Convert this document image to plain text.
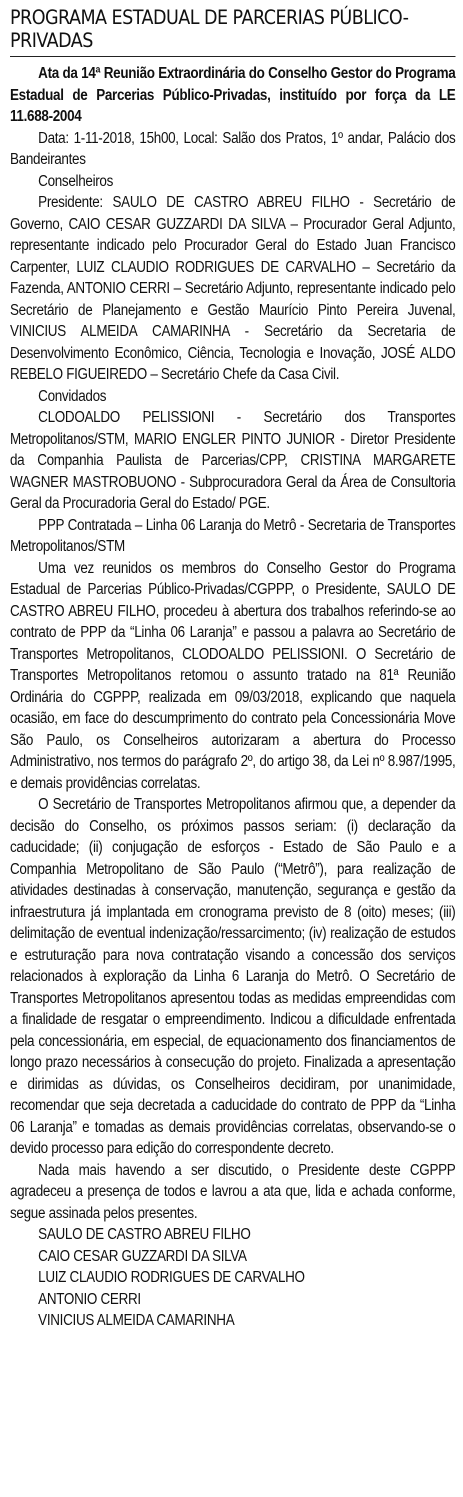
PROGRAMA ESTADUAL DE PARCERIAS PÚBLICO-PRIVADAS

Ata da 14ª Reunião Extraordinária do Conselho Gestor do Programa Estadual de Parcerias Público-Privadas, instituído por força da LE 11.688-2004

Data: 1-11-2018, 15h00, Local: Salão dos Pratos, 1º andar, Palácio dos Bandeirantes

Conselheiros

Presidente: SAULO DE CASTRO ABREU FILHO - Secretário de Governo, CAIO CESAR GUZZARDI DA SILVA – Procurador Geral Adjunto, representante indicado pelo Procurador Geral do Estado Juan Francisco Carpenter, LUIZ CLAUDIO RODRIGUES DE CARVALHO – Secretário da Fazenda, ANTONIO CERRI – Secretário Adjunto, representante indicado pelo Secretário de Planejamento e Gestão Maurício Pinto Pereira Juvenal, VINICIUS ALMEIDA CAMARINHA - Secretário da Secretaria de Desenvolvimento Econômico, Ciência, Tecnologia e Inovação, JOSÉ ALDO REBELO FIGUEIREDO – Secretário Chefe da Casa Civil.

Convidados

CLODOALDO PELISSIONI - Secretário dos Transportes Metropolitanos/STM, MARIO ENGLER PINTO JUNIOR - Diretor Presidente da Companhia Paulista de Parcerias/CPP, CRISTINA MARGARETE WAGNER MASTROBUONO - Subprocuradora Geral da Área de Consultoria Geral da Procuradoria Geral do Estado/ PGE.

PPP Contratada – Linha 06 Laranja do Metrô - Secretaria de Transportes Metropolitanos/STM

Uma vez reunidos os membros do Conselho Gestor do Programa Estadual de Parcerias Público-Privadas/CGPPP, o Presidente, SAULO DE CASTRO ABREU FILHO, procedeu à abertura dos trabalhos referindo-se ao contrato de PPP da “Linha 06 Laranja” e passou a palavra ao Secretário de Transportes Metropolitanos, CLODOALDO PELISSIONI. O Secretário de Transportes Metropolitanos retomou o assunto tratado na 81ª Reunião Ordinária do CGPPP, realizada em 09/03/2018, explicando que naquela ocasião, em face do descumprimento do contrato pela Concessionária Move São Paulo, os Conselheiros autorizaram a abertura do Processo Administrativo, nos termos do parágrafo 2º, do artigo 38, da Lei nº 8.987/1995, e demais providências correlatas.

O Secretário de Transportes Metropolitanos afirmou que, a depender da decisão do Conselho, os próximos passos seriam: (i) declaração da caducidade; (ii) conjugação de esforços - Estado de São Paulo e a Companhia Metropolitano de São Paulo (“Metrô”), para realização de atividades destinadas à conservação, manutenção, segurança e gestão da infraestrutura já implantada em cronograma previsto de 8 (oito) meses; (iii) delimitação de eventual indenização/ressarcimento; (iv) realização de estudos e estruturação para nova contratação visando a concessão dos serviços relacionados à exploração da Linha 6 Laranja do Metrô. O Secretário de Transportes Metropolitanos apresentou todas as medidas empreendidas com a finalidade de resgatar o empreendimento. Indicou a dificuldade enfrentada pela concessionária, em especial, de equacionamento dos financiamentos de longo prazo necessários à consecução do projeto. Finalizada a apresentação e dirimidas as dúvidas, os Conselheiros decidiram, por unanimidade, recomendar que seja decretada a caducidade do contrato de PPP da “Linha 06 Laranja” e tomadas as demais providências correlatas, observando-se o devido processo para edição do correspondente decreto.

Nada mais havendo a ser discutido, o Presidente deste CGPPP agradeceu a presença de todos e lavrou a ata que, lida e achada conforme, segue assinada pelos presentes.

SAULO DE CASTRO ABREU FILHO

CAIO CESAR GUZZARDI DA SILVA

LUIZ CLAUDIO RODRIGUES DE CARVALHO

ANTONIO CERRI

VINICIUS ALMEIDA CAMARINHA
